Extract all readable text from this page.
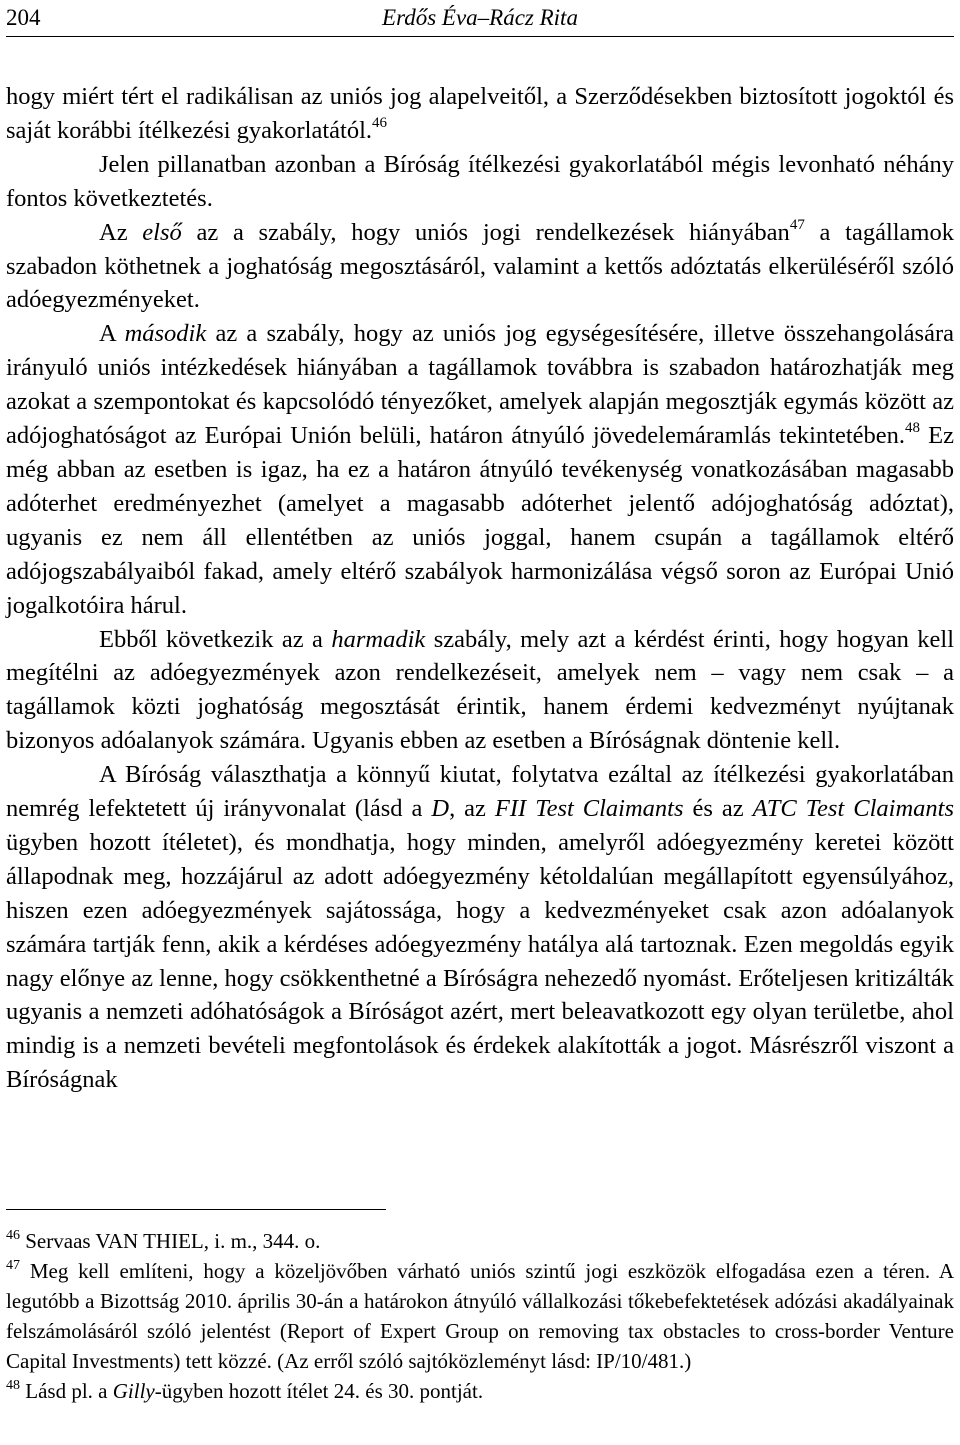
204	Erdős Éva–Rácz Rita

hogy miért tért el radikálisan az uniós jog alapelveitől, a Szerződésekben biztosított jogoktól és saját korábbi ítélkezési gyakorlatától.$^{46}$

Jelen pillanatban azonban a Bíróság ítélkezési gyakorlatából mégis levonható néhány fontos következtetés.

Az első az a szabály, hogy uniós jogi rendelkezések hiányában$^{47}$ a tagállamok szabadon köthetnek a joghatóság megosztásáról, valamint a kettős adóztatás elkerüléséről szóló adóegyezményeket.

A második az a szabály, hogy az uniós jog egységesítésére, illetve összehangolására irányuló uniós intézkedések hiányában a tagállamok továbbra is szabadon határozhatják meg azokat a szempontokat és kapcsolódó tényezőket, amelyek alapján megosztják egymás között az adójoghatóságot az Európai Unión belüli, határon átnyúló jövedelemáramlás tekintetében.$^{48}$ Ez még abban az esetben is igaz, ha ez a határon átnyúló tevékenység vonatkozásában magasabb adóterhet eredményezhet (amelyet a magasabb adóterhet jelentő adójoghatóság adóztat), ugyanis ez nem áll ellentétben az uniós joggal, hanem csupán a tagállamok eltérő adójogszabályaiból fakad, amely eltérő szabályok harmonizálása végső soron az Európai Unió jogalkotóira hárul.

Ebből következik az a harmadik szabály, mely azt a kérdést érinti, hogy hogyan kell megítélni az adóegyezmények azon rendelkezéseit, amelyek nem – vagy nem csak – a tagállamok közti joghatóság megosztását érintik, hanem érdemi kedvezményt nyújtanak bizonyos adóalanyok számára. Ugyanis ebben az esetben a Bíróságnak döntenie kell.

A Bíróság választhatja a könnyű kiutat, folytatva ezáltal az ítélkezési gyakorlatában nemrég lefektetett új irányvonalat (lásd a D, az FII Test Claimants és az ATC Test Claimants ügyben hozott ítéletet), és mondhatja, hogy minden, amelyről adóegyezmény keretei között állapodnak meg, hozzájárul az adott adóegyezmény kétoldalúan megállapított egyensúlyához, hiszen ezen adóegyezmények sajátossága, hogy a kedvezményeket csak azon adóalanyok számára tartják fenn, akik a kérdéses adóegyezmény hatálya alá tartoznak. Ezen megoldás egyik nagy előnye az lenne, hogy csökkenthetné a Bíróságra nehezedő nyomást. Erőteljesen kritizálták ugyanis a nemzeti adóhatóságok a Bíróságot azért, mert beleavatkozott egy olyan területbe, ahol mindig is a nemzeti bevételi megfontolások és érdekek alakították a jogot. Másrészről viszont a Bíróságnak

$^{46}$ Servaas VAN THIEL, i. m., 344. o.

$^{47}$ Meg kell említeni, hogy a közeljövőben várható uniós szintű jogi eszközök elfogadása ezen a téren. A legutóbb a Bizottság 2010. április 30-án a határokon átnyúló vállalkozási tőkebefektetések adózási akadályainak felszámolásáról szóló jelentést (Report of Expert Group on removing tax obstacles to cross-border Venture Capital Investments) tett közzé. (Az erről szóló sajtóközleményt lásd: IP/10/481.)

$^{48}$ Lásd pl. a Gilly-ügyben hozott ítélet 24. és 30. pontját.
